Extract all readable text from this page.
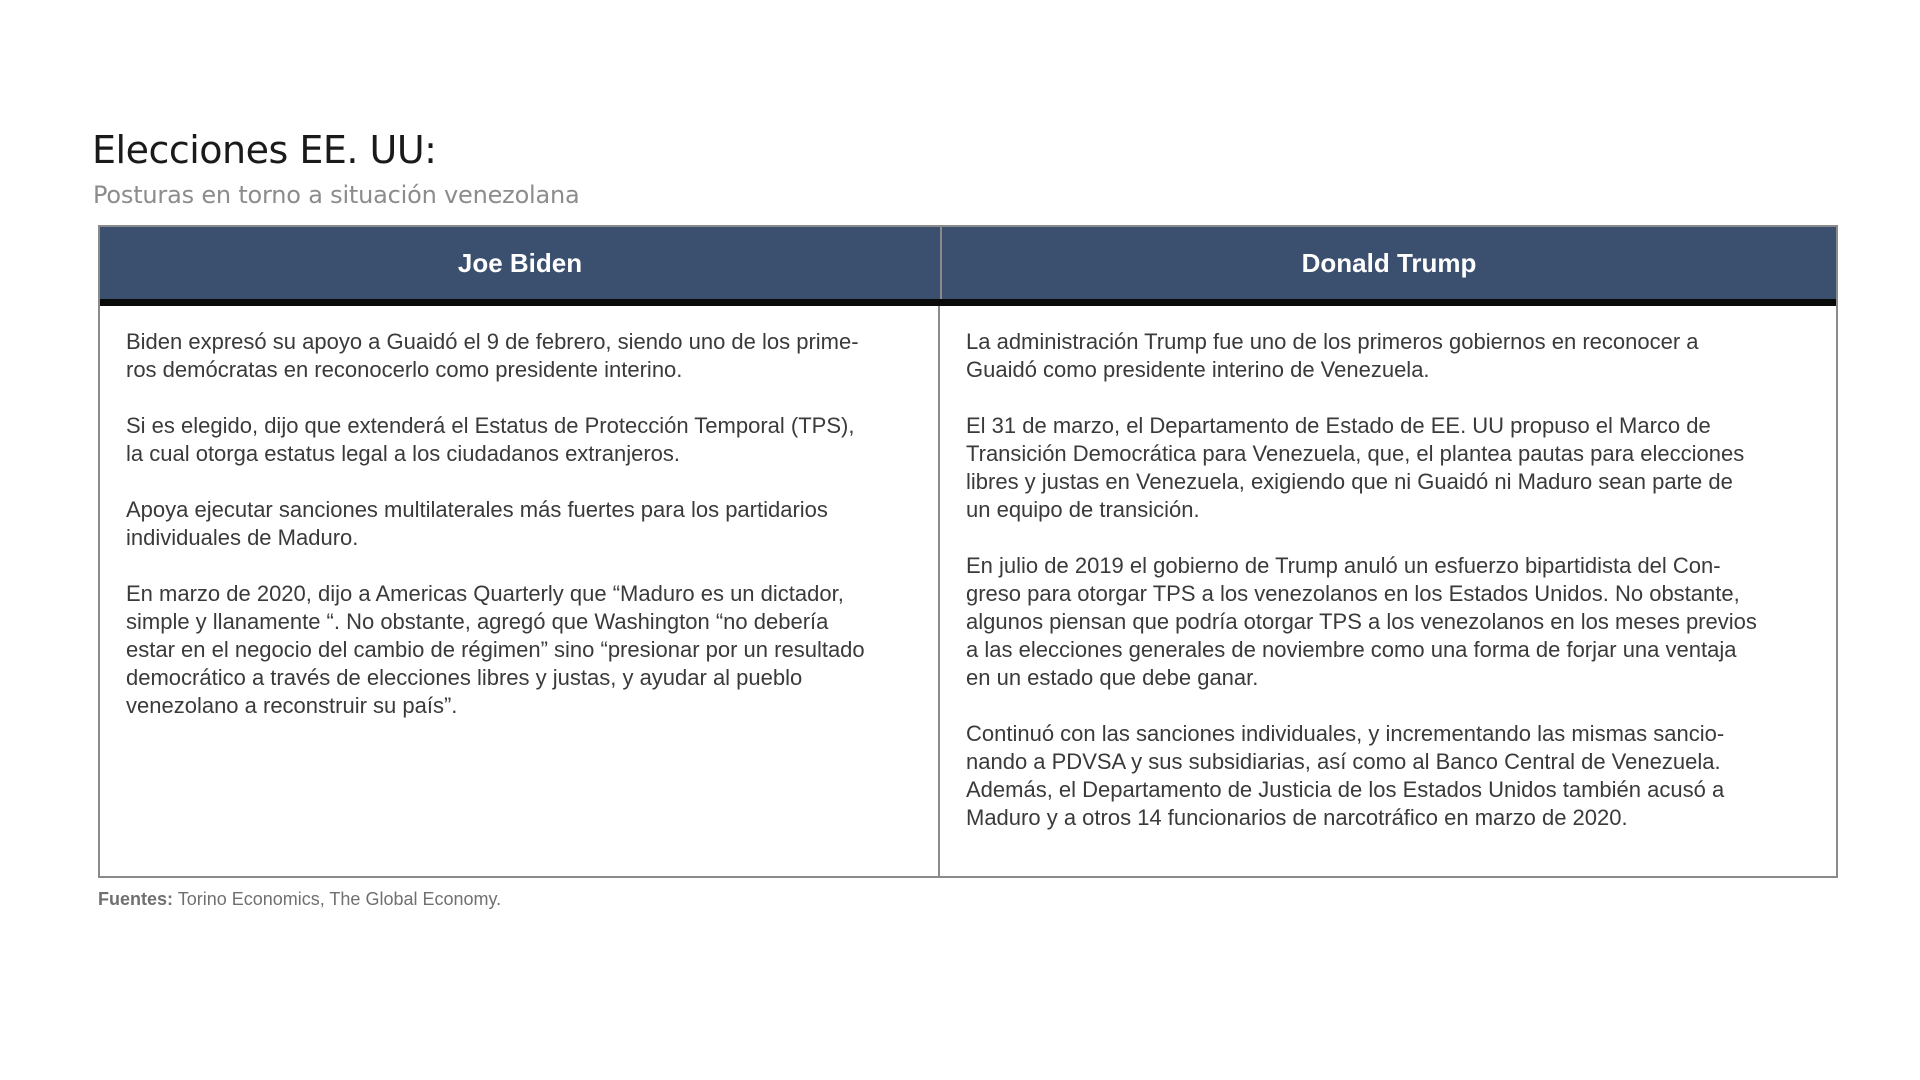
Elecciones EE. UU:
Posturas en torno a situación venezolana
Joe Biden	Donald Trump

Biden expresó su apoyo a Guaidó el 9 de febrero, siendo uno de los prime-
ros demócratas en reconocerlo como presidente interino.

Si es elegido, dijo que extenderá el Estatus de Protección Temporal (TPS),
la cual otorga estatus legal a los ciudadanos extranjeros.

Apoya ejecutar sanciones multilaterales más fuertes para los partidarios
individuales de Maduro.

En marzo de 2020, dijo a Americas Quarterly que “Maduro es un dictador,
simple y llanamente “. No obstante, agregó que Washington “no debería
estar en el negocio del cambio de régimen” sino “presionar por un resultado
democrático a través de elecciones libres y justas, y ayudar al pueblo
venezolano a reconstruir su país”.

La administración Trump fue uno de los primeros gobiernos en reconocer a
Guaidó como presidente interino de Venezuela.

El 31 de marzo, el Departamento de Estado de EE. UU propuso el Marco de
Transición Democrática para Venezuela, que, el plantea pautas para elecciones
libres y justas en Venezuela, exigiendo que ni Guaidó ni Maduro sean parte de
un equipo de transición.

En julio de 2019 el gobierno de Trump anuló un esfuerzo bipartidista del Con-
greso para otorgar TPS a los venezolanos en los Estados Unidos. No obstante,
algunos piensan que podría otorgar TPS a los venezolanos en los meses previos
a las elecciones generales de noviembre como una forma de forjar una ventaja
en un estado que debe ganar.

Continuó con las sanciones individuales, y incrementando las mismas sancio-
nando a PDVSA y sus subsidiarias, así como al Banco Central de Venezuela.
Además, el Departamento de Justicia de los Estados Unidos también acusó a
Maduro y a otros 14 funcionarios de narcotráfico en marzo de 2020.

Fuentes: Torino Economics, The Global Economy.
